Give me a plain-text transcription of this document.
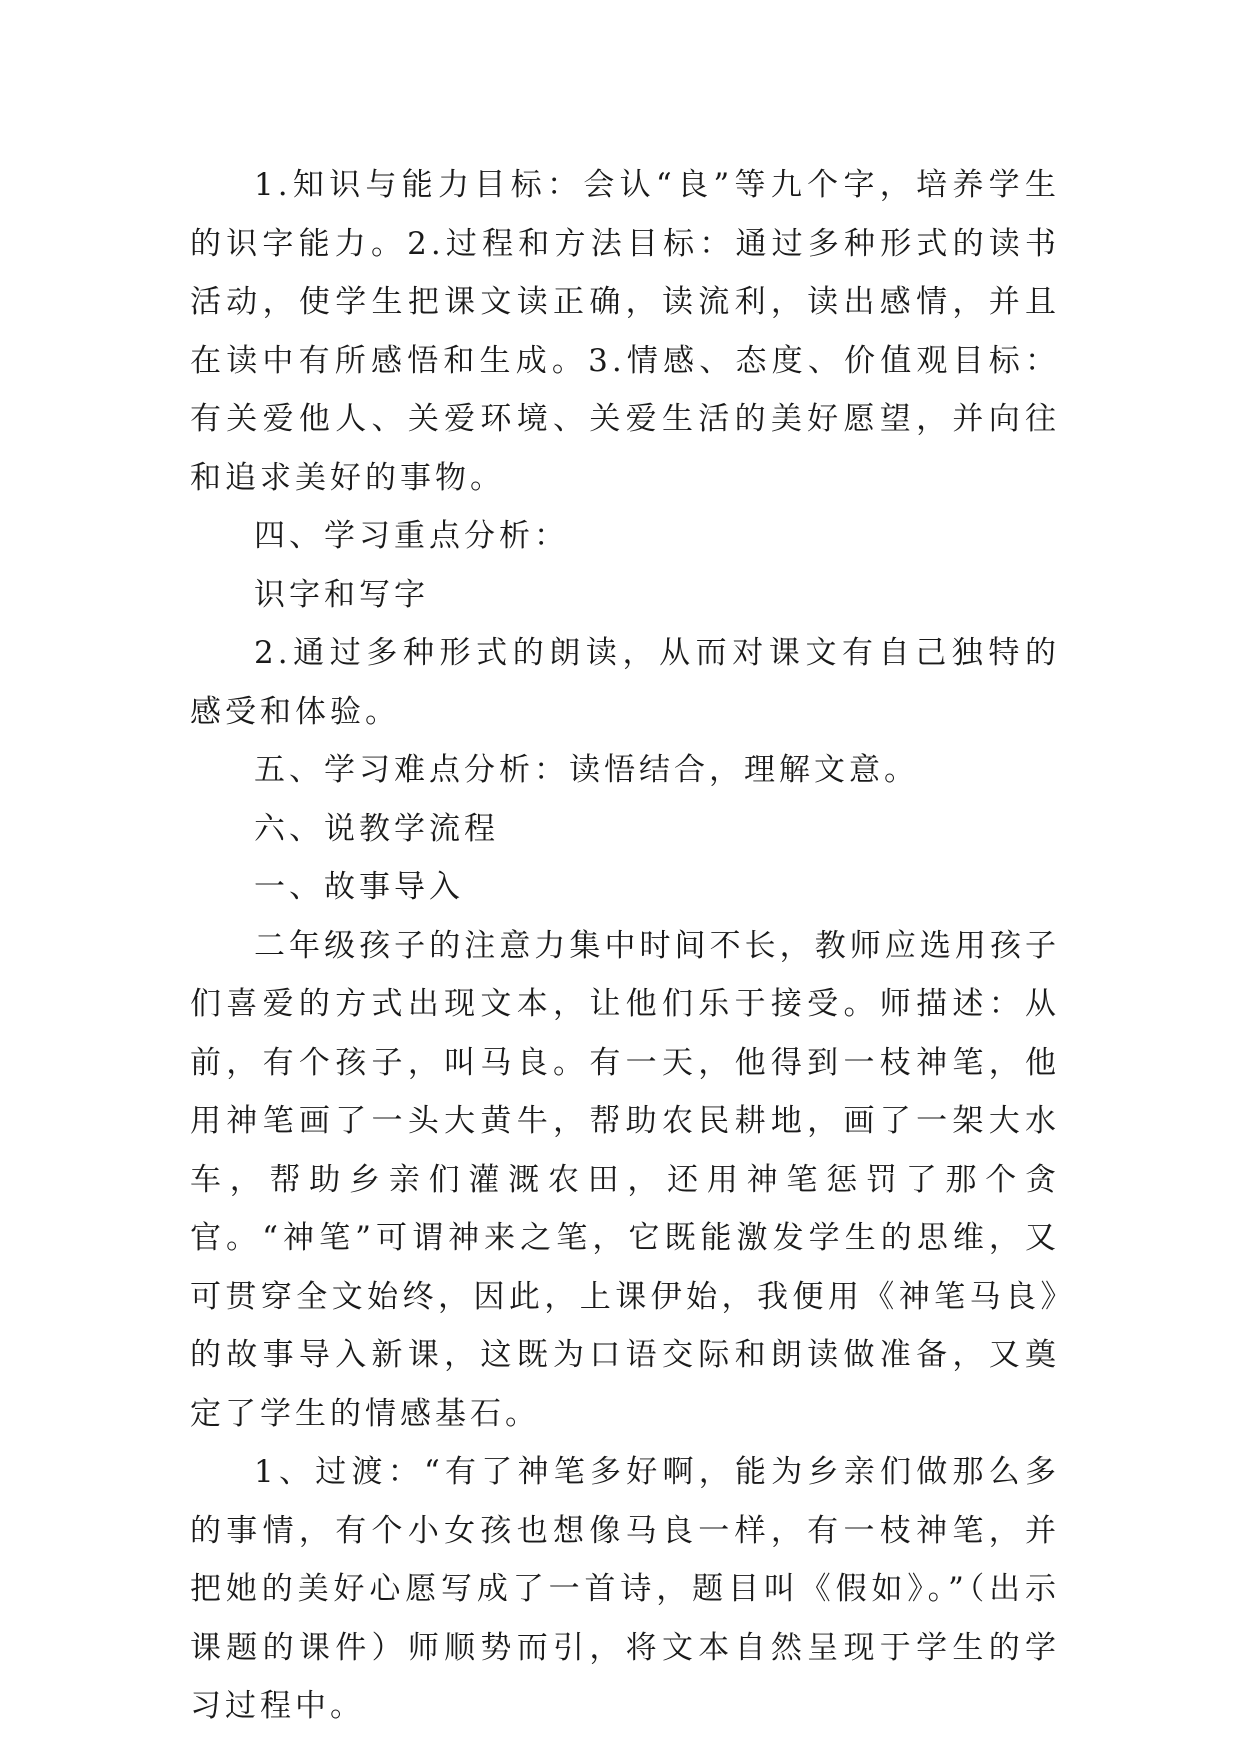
1.知识与能力目标：会认“良”等九个字，培养学生的识字能力。2.过程和方法目标：通过多种形式的读书活动，使学生把课文读正确，读流利，读出感情，并且在读中有所感悟和生成。3.情感、态度、价值观目标：有关爱他人、关爱环境、关爱生活的美好愿望，并向往和追求美好的事物。

四、学习重点分析：

识字和写字

2.通过多种形式的朗读，从而对课文有自己独特的感受和体验。

五、学习难点分析：读悟结合，理解文意。

六、说教学流程

一、故事导入

二年级孩子的注意力集中时间不长，教师应选用孩子们喜爱的方式出现文本，让他们乐于接受。师描述：从前，有个孩子，叫马良。有一天，他得到一枝神笔，他用神笔画了一头大黄牛，帮助农民耕地，画了一架大水车，帮助乡亲们灌溉农田，还用神笔惩罚了那个贪官。“神笔”可谓神来之笔，它既能激发学生的思维，又可贯穿全文始终，因此，上课伊始，我便用《神笔马良》的故事导入新课，这既为口语交际和朗读做准备，又奠定了学生的情感基石。

1、过渡：“有了神笔多好啊，能为乡亲们做那么多的事情，有个小女孩也想像马良一样，有一枝神笔，并把她的美好心愿写成了一首诗，题目叫《假如》。”（出示课题的课件）师顺势而引，将文本自然呈现于学生的学习过程中。
